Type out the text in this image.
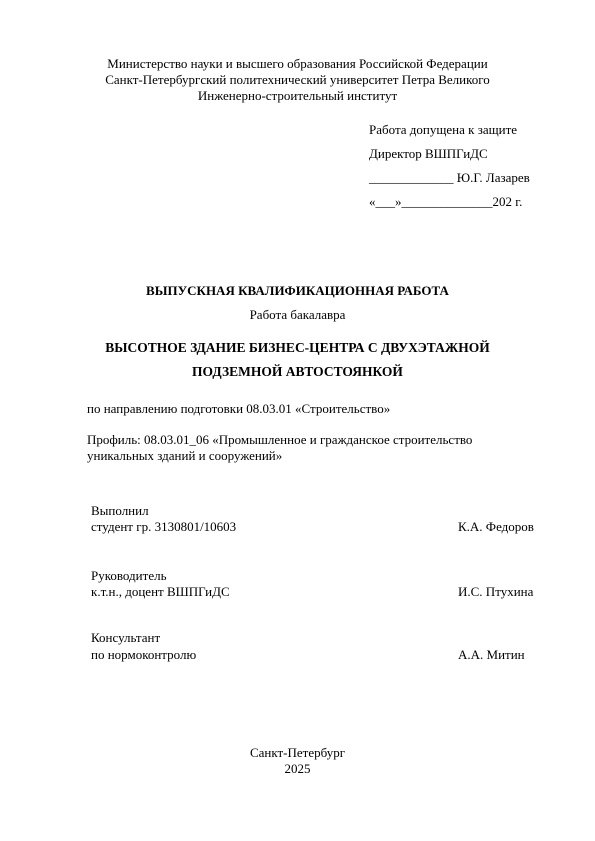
Министерство науки и высшего образования Российской Федерации
Санкт-Петербургский политехнический университет Петра Великого
Инженерно-строительный институт
Работа допущена к защите
Директор ВШПГиДС
_____________ Ю.Г. Лазарев
«___»______________202 г.
ВЫПУСКНАЯ КВАЛИФИКАЦИОННАЯ РАБОТА
Работа бакалавра
ВЫСОТНОЕ ЗДАНИЕ БИЗНЕС-ЦЕНТРА С ДВУХЭТАЖНОЙ
ПОДЗЕМНОЙ АВТОСТОЯНКОЙ
по направлению подготовки 08.03.01 «Строительство»
Профиль: 08.03.01_06 «Промышленное и гражданское строительство
уникальных зданий и сооружений»
Выполнил
студент гр. 3130801/10603	К.А. Федоров
Руководитель
к.т.н., доцент ВШПГиДС	И.С. Птухина
Консультант
по нормоконтролю	А.А. Митин
Санкт-Петербург
2025
